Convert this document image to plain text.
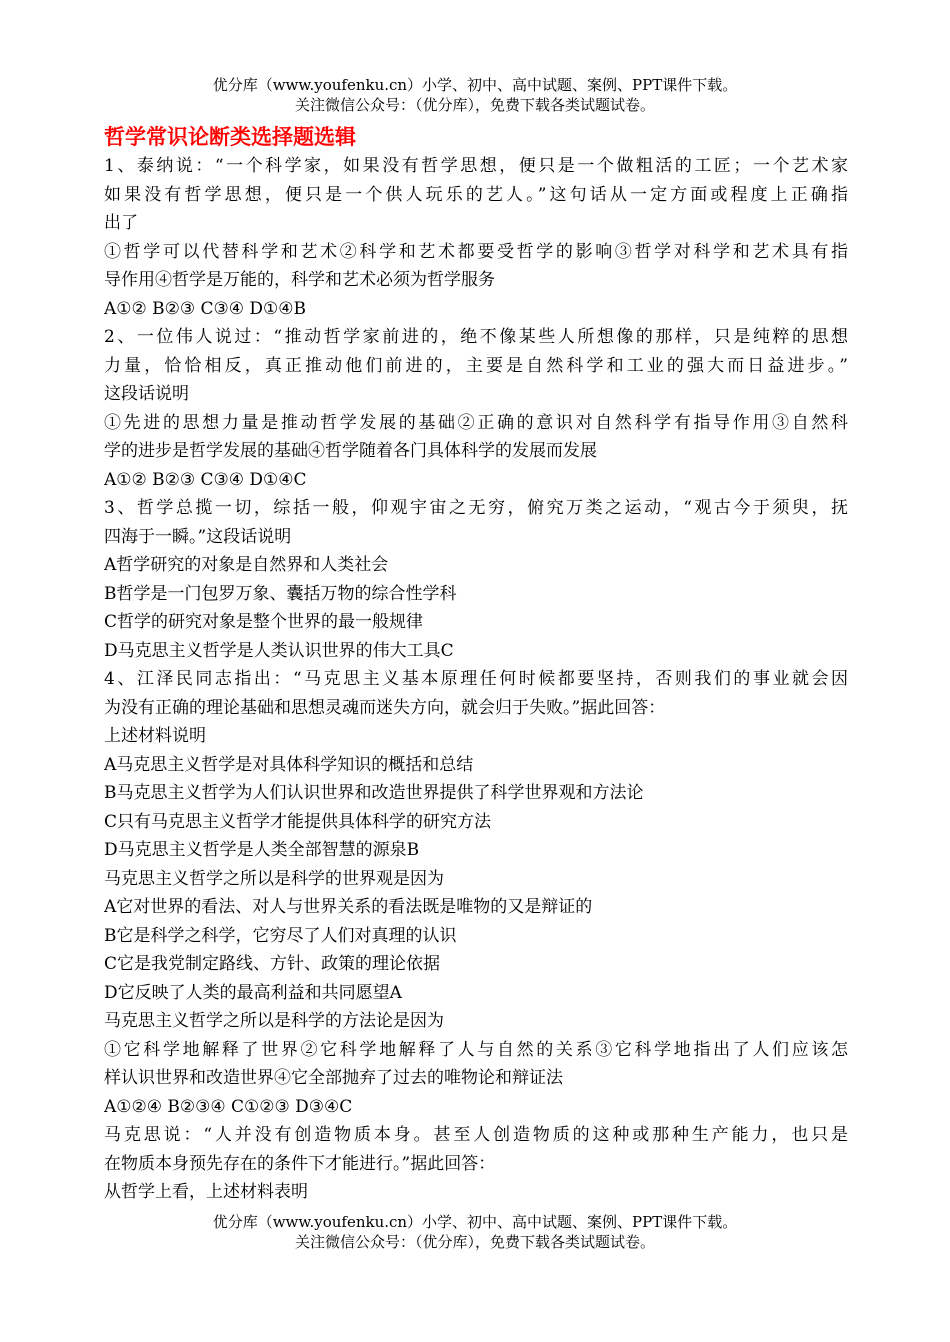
优分库（www.youfenku.cn）小学、初中、高中试题、案例、PPT课件下载。
关注微信公众号：（优分库），免费下载各类试题试卷。
哲学常识论断类选择题选辑
1、泰纳说：“一个科学家，如果没有哲学思想，便只是一个做粗活的工匠；一个艺术家
如果没有哲学思想，便只是一个供人玩乐的艺人。”这句话从一定方面或程度上正确指
出了
①哲学可以代替科学和艺术②科学和艺术都要受哲学的影响③哲学对科学和艺术具有指
导作用④哲学是万能的，科学和艺术必须为哲学服务
A①② B②③ C③④ D①④B
2、一位伟人说过：“推动哲学家前进的，绝不像某些人所想像的那样，只是纯粹的思想
力量，恰恰相反，真正推动他们前进的，主要是自然科学和工业的强大而日益进步。”
这段话说明
①先进的思想力量是推动哲学发展的基础②正确的意识对自然科学有指导作用③自然科
学的进步是哲学发展的基础④哲学随着各门具体科学的发展而发展
A①② B②③ C③④ D①④C
3、哲学总揽一切，综括一般，仰观宇宙之无穷，俯究万类之运动，“观古今于须臾，抚
四海于一瞬。”这段话说明
A哲学研究的对象是自然界和人类社会
B哲学是一门包罗万象、囊括万物的综合性学科
C哲学的研究对象是整个世界的最一般规律
D马克思主义哲学是人类认识世界的伟大工具C
4、江泽民同志指出：“马克思主义基本原理任何时候都要坚持，否则我们的事业就会因
为没有正确的理论基础和思想灵魂而迷失方向，就会归于失败。”据此回答：
上述材料说明
A马克思主义哲学是对具体科学知识的概括和总结
B马克思主义哲学为人们认识世界和改造世界提供了科学世界观和方法论
C只有马克思主义哲学才能提供具体科学的研究方法
D马克思主义哲学是人类全部智慧的源泉B
马克思主义哲学之所以是科学的世界观是因为
A它对世界的看法、对人与世界关系的看法既是唯物的又是辩证的
B它是科学之科学，它穷尽了人们对真理的认识
C它是我党制定路线、方针、政策的理论依据
D它反映了人类的最高利益和共同愿望A
马克思主义哲学之所以是科学的方法论是因为
①它科学地解释了世界②它科学地解释了人与自然的关系③它科学地指出了人们应该怎
样认识世界和改造世界④它全部抛弃了过去的唯物论和辩证法
A①②④ B②③④ C①②③ D③④C
马克思说：“人并没有创造物质本身。甚至人创造物质的这种或那种生产能力，也只是
在物质本身预先存在的条件下才能进行。”据此回答：
从哲学上看，上述材料表明
优分库（www.youfenku.cn）小学、初中、高中试题、案例、PPT课件下载。
关注微信公众号：（优分库），免费下载各类试题试卷。
